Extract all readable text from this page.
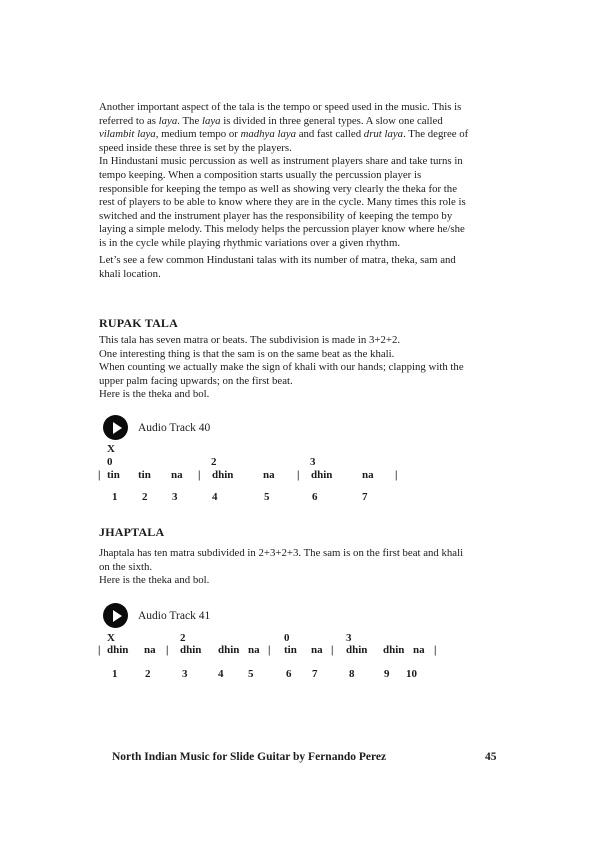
Another important aspect of the tala is the tempo or speed used in the music. This is
referred to as laya. The laya is divided in three general types. A slow one called
vilambit laya, medium tempo or madhya laya and fast called drut laya. The degree of
speed inside these three is set by the players.
In Hindustani music percussion as well as instrument players share and take turns in
tempo keeping. When a composition starts usually the percussion player is
responsible for keeping the tempo as well as showing very clearly the theka for the
rest of players to be able to know where they are in the cycle. Many times this role is
switched and the instrument player has the responsibility of keeping the tempo by
laying a simple melody. This melody helps the percussion player know where he/she
is in the cycle while playing rhythmic variations over a given rhythm.
Let’s see a few common Hindustani talas with its number of matra, theka, sam and
khali location.
RUPAK TALA
This tala has seven matra or beats. The subdivision is made in 3+2+2.
One interesting thing is that the sam is on the same beat as the khali.
When counting we actually make the sign of khali with our hands; clapping with the
upper palm facing upwards; on the first beat.
Here is the theka and bol.
Audio Track 40
X
0	2	3
| tin tin na | dhin	na | dhin	na |
1 2 3	4	5	6	7
JHAPTALA
Jhaptala has ten matra subdivided in 2+3+2+3. The sam is on the first beat and khali
on the sixth.
Here is the theka and bol.
Audio Track 41
X	2	0	3
| dhin na | dhin dhin na | tin na | dhin dhin na |
1	2	3	4 5	6 7	8	9 10
North Indian Music for Slide Guitar by Fernando Perez	45
